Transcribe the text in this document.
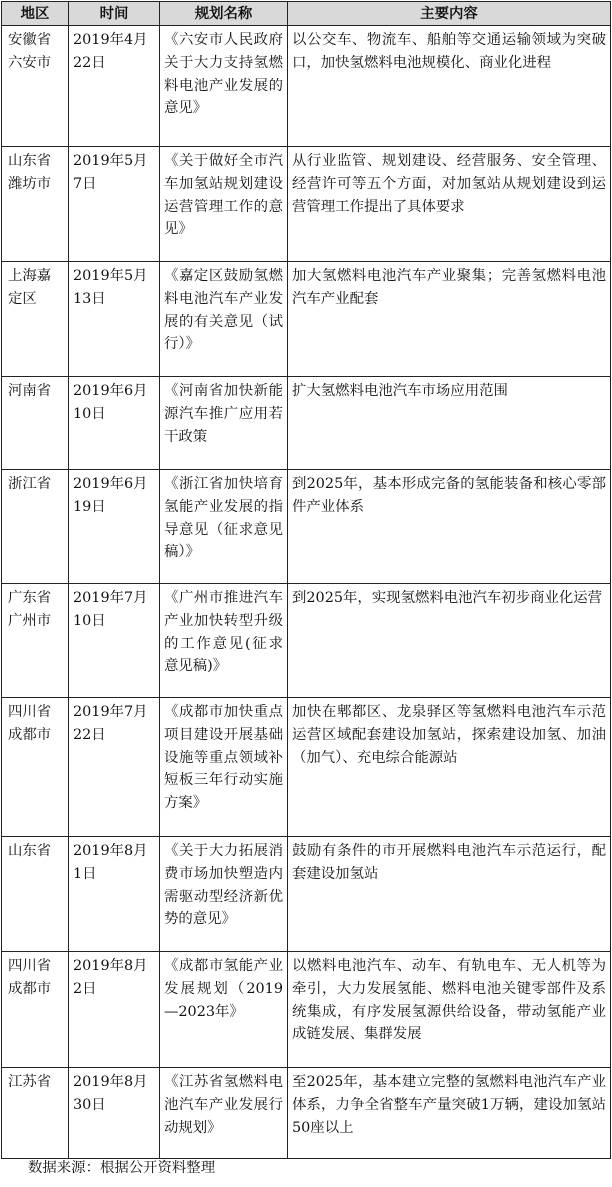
地区	时间	规划名称	主要内容
安徽省六安市	2019年4月22日	《六安市人民政府关于大力支持氢燃料电池产业发展的意见》	以公交车、物流车、船舶等交通运输领域为突破口，加快氢燃料电池规模化、商业化进程
山东省潍坊市	2019年5月7日	《关于做好全市汽车加氢站规划建设运营管理工作的意见》	从行业监管、规划建设、经营服务、安全管理、经营许可等五个方面，对加氢站从规划建设到运营管理工作提出了具体要求
上海嘉定区	2019年5月13日	《嘉定区鼓励氢燃料电池汽车产业发展的有关意见（试行）》	加大氢燃料电池汽车产业聚集；完善氢燃料电池汽车产业配套
河南省	2019年6月10日	《河南省加快新能源汽车推广应用若干政策	扩大氢燃料电池汽车市场应用范围
浙江省	2019年6月19日	《浙江省加快培育氢能产业发展的指导意见（征求意见稿）》	到2025年，基本形成完备的氢能装备和核心零部件产业体系
广东省广州市	2019年7月10日	《广州市推进汽车产业加快转型升级的工作意见(征求意见稿)》	到2025年，实现氢燃料电池汽车初步商业化运营
四川省成都市	2019年7月22日	《成都市加快重点项目建设开展基础设施等重点领域补短板三年行动实施方案》	加快在郫都区、龙泉驿区等氢燃料电池汽车示范运营区域配套建设加氢站，探索建设加氢、加油（加气）、充电综合能源站
山东省	2019年8月1日	《关于大力拓展消费市场加快塑造内需驱动型经济新优势的意见》	鼓励有条件的市开展燃料电池汽车示范运行，配套建设加氢站
四川省成都市	2019年8月2日	《成都市氢能产业发展规划（2019—2023年》	以燃料电池汽车、动车、有轨电车、无人机等为牵引，大力发展氢能、燃料电池关键零部件及系统集成，有序发展氢源供给设备，带动氢能产业成链发展、集群发展
江苏省	2019年8月30日	《江苏省氢燃料电池汽车产业发展行动规划》	至2025年，基本建立完整的氢燃料电池汽车产业体系，力争全省整车产量突破1万辆，建设加氢站50座以上
数据来源：根据公开资料整理
